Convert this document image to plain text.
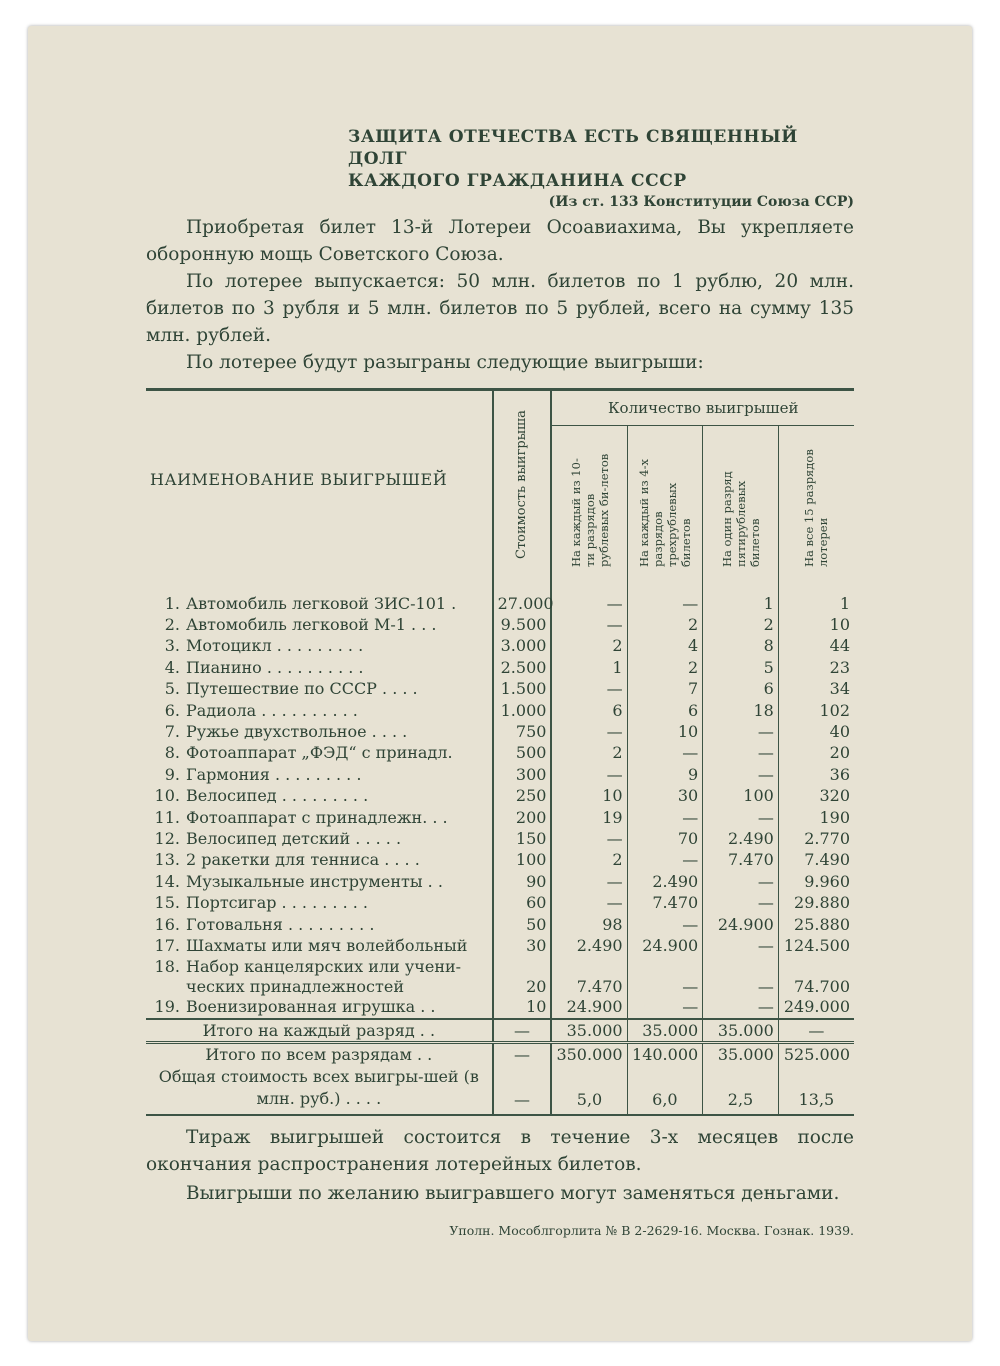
ЗАЩИТА ОТЕЧЕСТВА ЕСТЬ СВЯЩЕННЫЙ ДОЛГ
КАЖДОГО ГРАЖДАНИНА СССР
(Из ст. 133 Конституции Союза ССР)

Приобретая билет 13-й Лотереи Осоавиахима, Вы укрепляете оборонную мощь Советского Союза.

По лотерее выпускается: 50 млн. билетов по 1 рублю, 20 млн. билетов по 3 рубля и 5 млн. билетов по 5 рублей, всего на сумму 135 млн. рублей.

По лотерее будут разыграны следующие выигрыши:

НАИМЕНОВАНИЕ ВЫИГРЫШЕЙ	Стоимость выигрыша	Количество выигрышей			

		На каждый из 10-ти разрядов рублевых би-летов	На каждый из 4-х разрядов трехрублевых билетов	На один разряд пятирублевых билетов	На все 15 разрядов лотереи

1. Автомобиль легковой ЗИС-101 .	27.000	—	—	1	1
2. Автомобиль легковой М-1 . . .	9.500	—	2	2	10
3. Мотоцикл . . . . . . . . .	3.000	2	4	8	44
4. Пианино . . . . . . . . . .	2.500	1	2	5	23
5. Путешествие по СССР . . . .	1.500	—	7	6	34
6. Радиола . . . . . . . . . .	1.000	6	6	18	102
7. Ружье двухствольное . . . .	750	—	10	—	40
8. Фотоаппарат „ФЭД“ с принадл.	500	2	—	—	20
9. Гармония . . . . . . . . .	300	—	9	—	36
10. Велосипед . . . . . . . . .	250	10	30	100	320
11. Фотоаппарат с принадлежн. . .	200	19	—	—	190
12. Велосипед детский . . . . .	150	—	70	2.490	2.770
13. 2 ракетки для тенниса . . . .	100	2	—	7.470	7.490
14. Музыкальные инструменты . .	90	—	2.490	—	9.960
15. Портсигар . . . . . . . . .	60	—	7.470	—	29.880
16. Готовальня . . . . . . . . .	50	98	—	24.900	25.880
17. Шахматы или мяч волейбольный	30	2.490	24.900	—	124.500
18. Набор канцелярских или учени-
ческих принадлежностей	20	7.470	—	—	74.700
19. Военизированная игрушка . .	10	24.900	—	—	249.000
Итого на каждый разряд . .	—	35.000	35.000	35.000	—
Итого по всем разрядам . .	—	350.000	140.000	35.000	525.000
Общая стоимость всех выигры-шей (в млн. руб.) . . . .	—	5,0	6,0	2,5	13,5

Тираж выигрышей состоится в течение 3-х месяцев после окончания распространения лотерейных билетов.

Выигрыши по желанию выигравшего могут заменяться деньгами.

Уполн. Мособлгорлита № В 2-2629-16. Москва. Гознак. 1939.
